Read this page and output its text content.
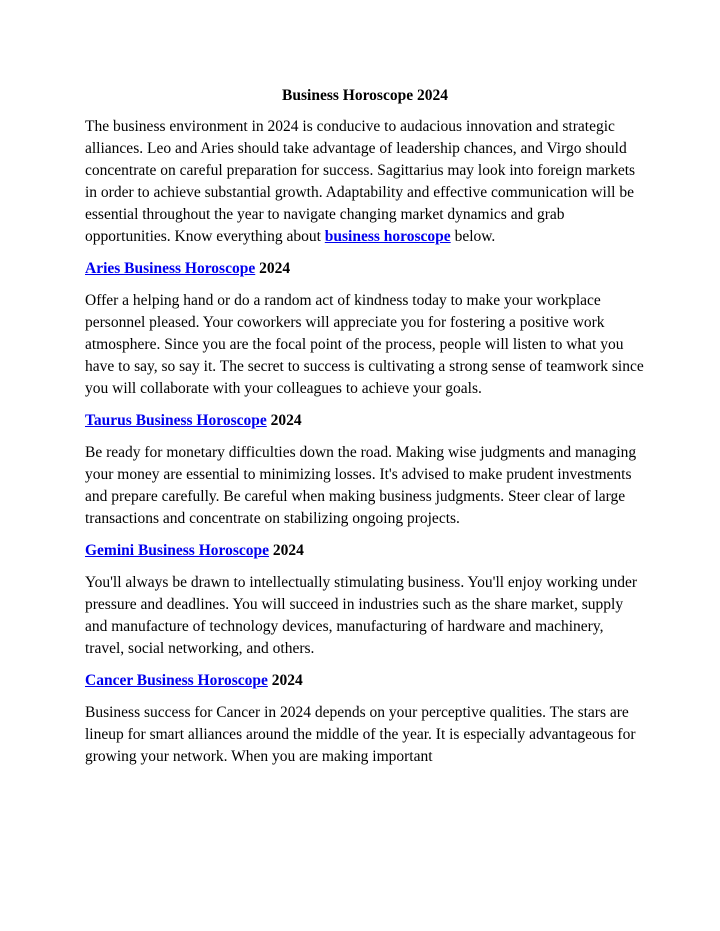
Business Horoscope 2024

The business environment in 2024 is conducive to audacious innovation and strategic alliances. Leo and Aries should take advantage of leadership chances, and Virgo should concentrate on careful preparation for success. Sagittarius may look into foreign markets in order to achieve substantial growth. Adaptability and effective communication will be essential throughout the year to navigate changing market dynamics and grab opportunities. Know everything about business horoscope below.

Aries Business Horoscope 2024

Offer a helping hand or do a random act of kindness today to make your workplace personnel pleased. Your coworkers will appreciate you for fostering a positive work atmosphere. Since you are the focal point of the process, people will listen to what you have to say, so say it. The secret to success is cultivating a strong sense of teamwork since you will collaborate with your colleagues to achieve your goals.

Taurus Business Horoscope 2024

Be ready for monetary difficulties down the road. Making wise judgments and managing your money are essential to minimizing losses. It's advised to make prudent investments and prepare carefully. Be careful when making business judgments. Steer clear of large transactions and concentrate on stabilizing ongoing projects.

Gemini Business Horoscope 2024

You'll always be drawn to intellectually stimulating business. You'll enjoy working under pressure and deadlines. You will succeed in industries such as the share market, supply and manufacture of technology devices, manufacturing of hardware and machinery, travel, social networking, and others.

Cancer Business Horoscope 2024

Business success for Cancer in 2024 depends on your perceptive qualities. The stars are lineup for smart alliances around the middle of the year. It is especially advantageous for growing your network. When you are making important
